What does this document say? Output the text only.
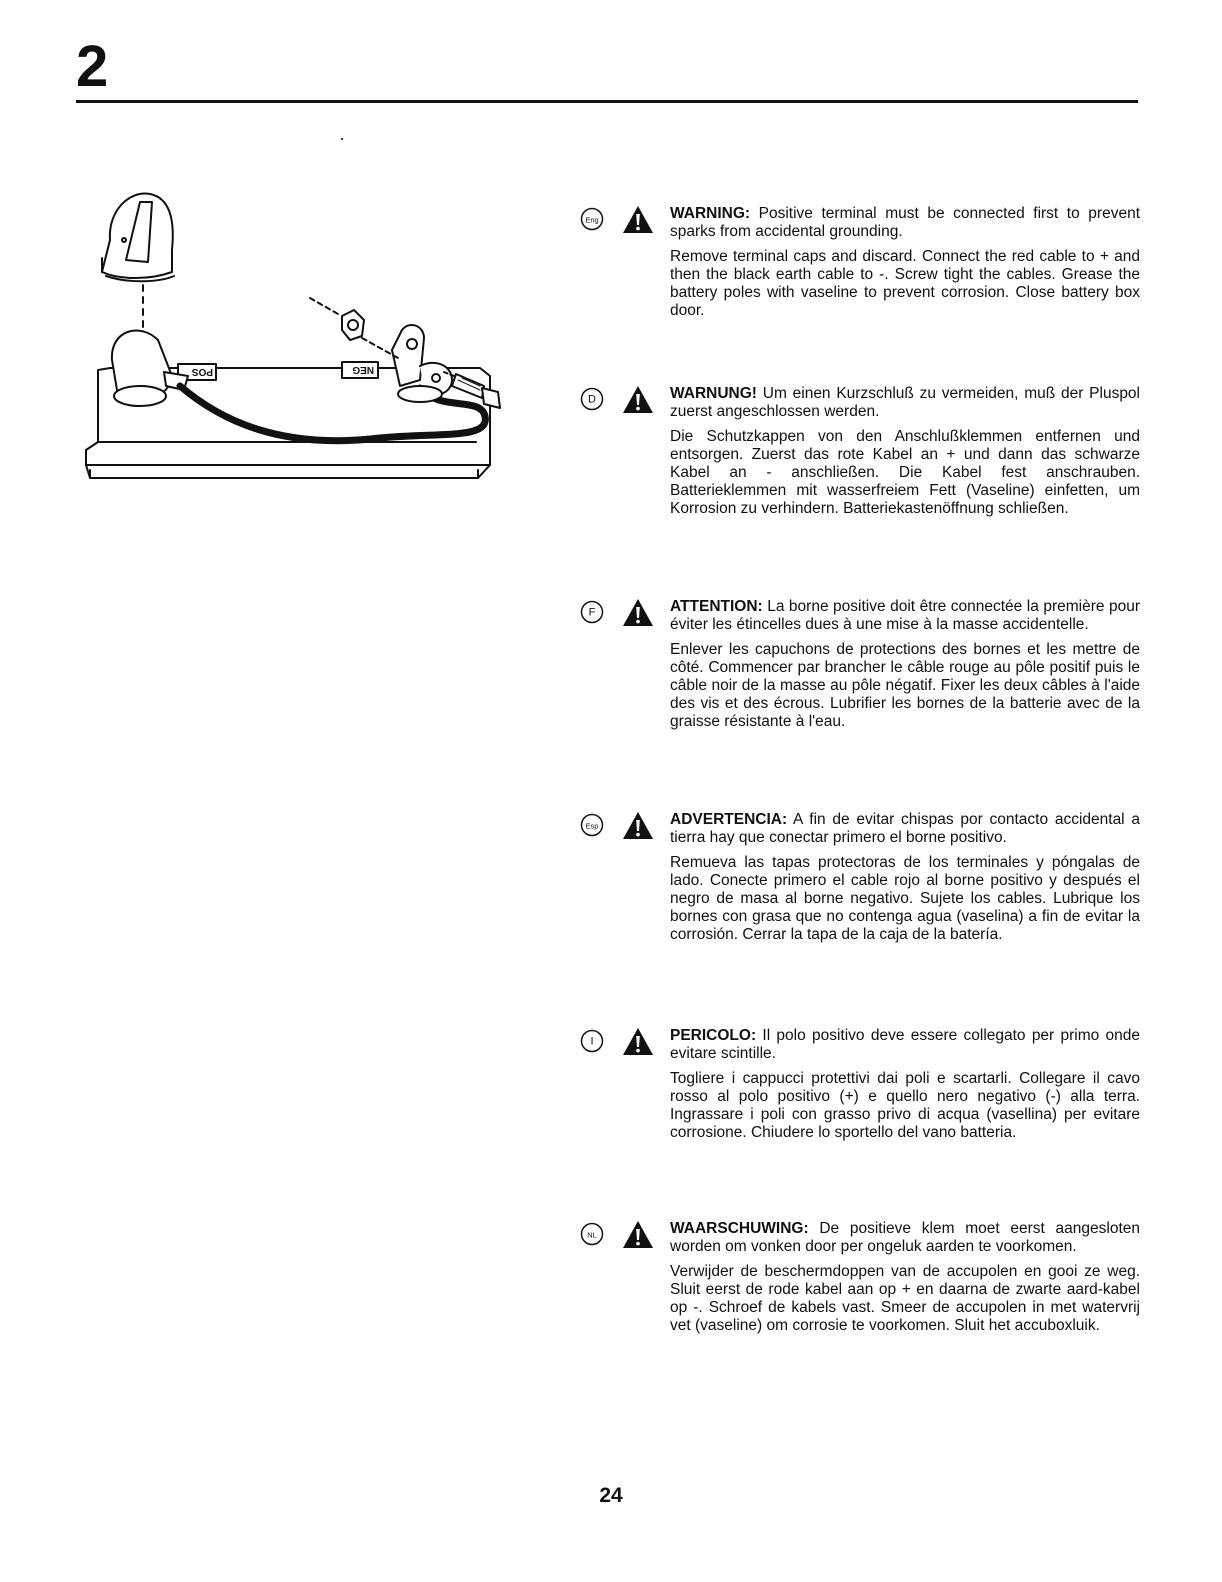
2
POS	NEG
Eng	WARNING: Positive terminal must be connected first to prevent sparks from accidental grounding.

Remove terminal caps and discard. Connect the red cable to + and then the black earth cable to -. Screw tight the cables. Grease the battery poles with vaseline to prevent corrosion. Close battery box door.

D	WARNUNG! Um einen Kurzschluß zu vermeiden, muß der Pluspol zuerst angeschlossen werden.

Die Schutzkappen von den Anschlußklemmen entfernen und entsorgen. Zuerst das rote Kabel an + und dann das schwarze Kabel an - anschließen. Die Kabel fest anschrauben. Batterieklemmen mit wasserfreiem Fett (Vaseline) einfetten, um Korrosion zu verhindern. Batteriekastenöffnung schließen.

F	ATTENTION: La borne positive doit être connectée la première pour éviter les étincelles dues à une mise à la masse accidentelle.

Enlever les capuchons de protections des bornes et les mettre de côté. Commencer par brancher le câble rouge au pôle positif puis le câble noir de la masse au pôle négatif. Fixer les deux câbles à l'aide des vis et des écrous. Lubrifier les bornes de la batterie avec de la graisse résistante à l'eau.

Esp	ADVERTENCIA: A fin de evitar chispas por contacto accidental a tierra hay que conectar primero el borne positivo.

Remueva las tapas protectoras de los terminales y póngalas de lado. Conecte primero el cable rojo al borne positivo y después el negro de masa al borne negativo. Sujete los cables. Lubrique los bornes con grasa que no contenga agua (vaselina) a fin de evitar la corrosión. Cerrar la tapa de la caja de la batería.

I	PERICOLO: Il polo positivo deve essere collegato per primo onde evitare scintille.

Togliere i cappucci protettivi dai poli e scartarli. Collegare il cavo rosso al polo positivo (+) e quello nero negativo (-) alla terra. Ingrassare i poli con grasso privo di acqua (vasellina) per evitare corrosione. Chiudere lo sportello del vano batteria.

NL	WAARSCHUWING: De positieve klem moet eerst aangesloten worden om vonken door per ongeluk aarden te voorkomen.

Verwijder de beschermdoppen van de accupolen en gooi ze weg. Sluit eerst de rode kabel aan op + en daarna de zwarte aard-kabel op -. Schroef de kabels vast. Smeer de accupolen in met watervrij vet (vaseline) om corrosie te voorkomen. Sluit het accuboxluik.

24
